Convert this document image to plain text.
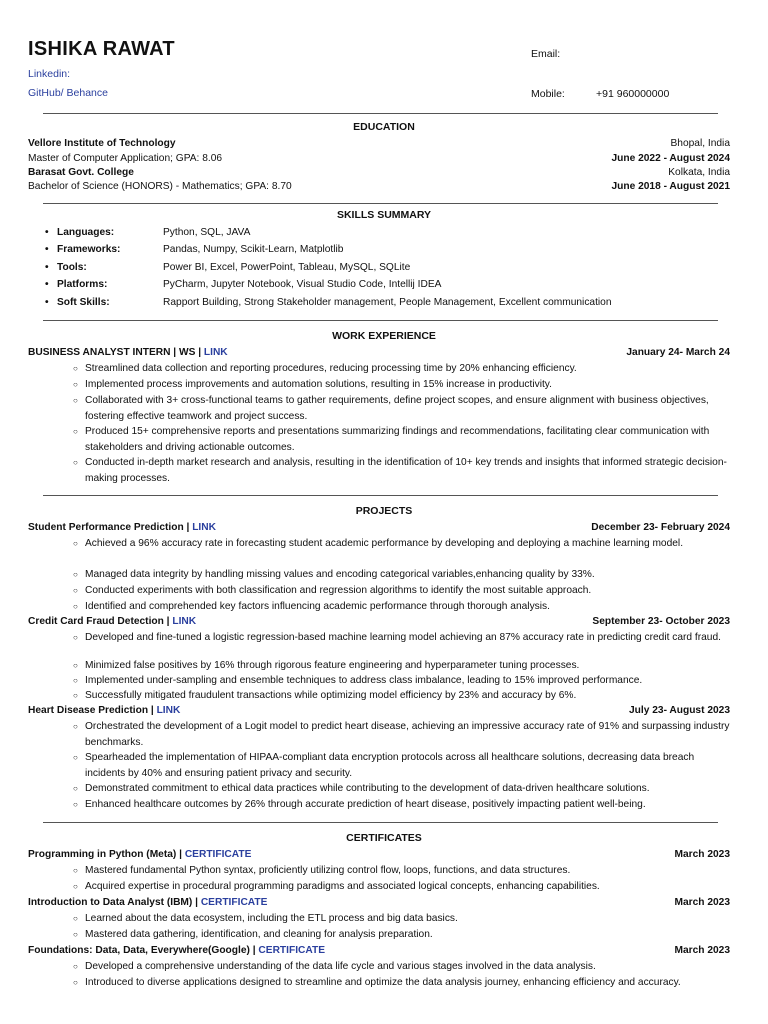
ISHIKA RAWAT
Linkedin:
GitHub/ Behance
Email:
Mobile:	+91 960000000
EDUCATION
Vellore Institute of Technology	Bhopal, India
Master of Computer Application; GPA: 8.06	June 2022 - August 2024
Barasat Govt. College	Kolkata, India
Bachelor of Science (HONORS) - Mathematics; GPA: 8.70	June 2018 - August 2021
SKILLS SUMMARY
• Languages:	Python, SQL, JAVA
• Frameworks:	Pandas, Numpy, Scikit-Learn, Matplotlib
• Tools:	Power BI, Excel, PowerPoint, Tableau, MySQL, SQLite
• Platforms:	PyCharm, Jupyter Notebook, Visual Studio Code, Intellij IDEA
• Soft Skills:	Rapport Building, Strong Stakeholder management, People Management, Excellent communication
WORK EXPERIENCE
BUSINESS ANALYST INTERN | WS | LINK	January 24- March 24
○ Streamlined data collection and reporting procedures, reducing processing time by 20% enhancing efficiency.
○ Implemented process improvements and automation solutions, resulting in 15% increase in productivity.
○ Collaborated with 3+ cross-functional teams to gather requirements, define project scopes, and ensure alignment with business objectives, fostering effective teamwork and project success.
○ Produced 15+ comprehensive reports and presentations summarizing findings and recommendations, facilitating clear communication with stakeholders and driving actionable outcomes.
○ Conducted in-depth market research and analysis, resulting in the identification of 10+ key trends and insights that informed strategic decision-making processes.
PROJECTS
Student Performance Prediction | LINK	December 23- February 2024
○ Achieved a 96% accuracy rate in forecasting student academic performance by developing and deploying a machine learning model.
○ Managed data integrity by handling missing values and encoding categorical variables,enhancing quality by 33%.
○ Conducted experiments with both classification and regression algorithms to identify the most suitable approach.
○ Identified and comprehended key factors influencing academic performance through thorough analysis.
Credit Card Fraud Detection | LINK	September 23- October 2023
○ Developed and fine-tuned a logistic regression-based machine learning model achieving an 87% accuracy rate in predicting credit card fraud.
○ Minimized false positives by 16% through rigorous feature engineering and hyperparameter tuning processes.
○ Implemented under-sampling and ensemble techniques to address class imbalance, leading to 15% improved performance.
○ Successfully mitigated fraudulent transactions while optimizing model efficiency by 23% and accuracy by 6%.
Heart Disease Prediction | LINK	July 23- August 2023
○ Orchestrated the development of a Logit model to predict heart disease, achieving an impressive accuracy rate of 91% and surpassing industry benchmarks.
○ Spearheaded the implementation of HIPAA-compliant data encryption protocols across all healthcare solutions, decreasing data breach incidents by 40% and ensuring patient privacy and security.
○ Demonstrated commitment to ethical data practices while contributing to the development of data-driven healthcare solutions.
○ Enhanced healthcare outcomes by 26% through accurate prediction of heart disease, positively impacting patient well-being.
CERTIFICATES
Programming in Python (Meta) | CERTIFICATE	March 2023
○ Mastered fundamental Python syntax, proficiently utilizing control flow, loops, functions, and data structures.
○ Acquired expertise in procedural programming paradigms and associated logical concepts, enhancing capabilities.
Introduction to Data Analyst (IBM) | CERTIFICATE	March 2023
○ Learned about the data ecosystem, including the ETL process and big data basics.
○ Mastered data gathering, identification, and cleaning for analysis preparation.
Foundations: Data, Data, Everywhere(Google) | CERTIFICATE	March 2023
○ Developed a comprehensive understanding of the data life cycle and various stages involved in the data analysis.
○ Introduced to diverse applications designed to streamline and optimize the data analysis journey, enhancing efficiency and accuracy.
